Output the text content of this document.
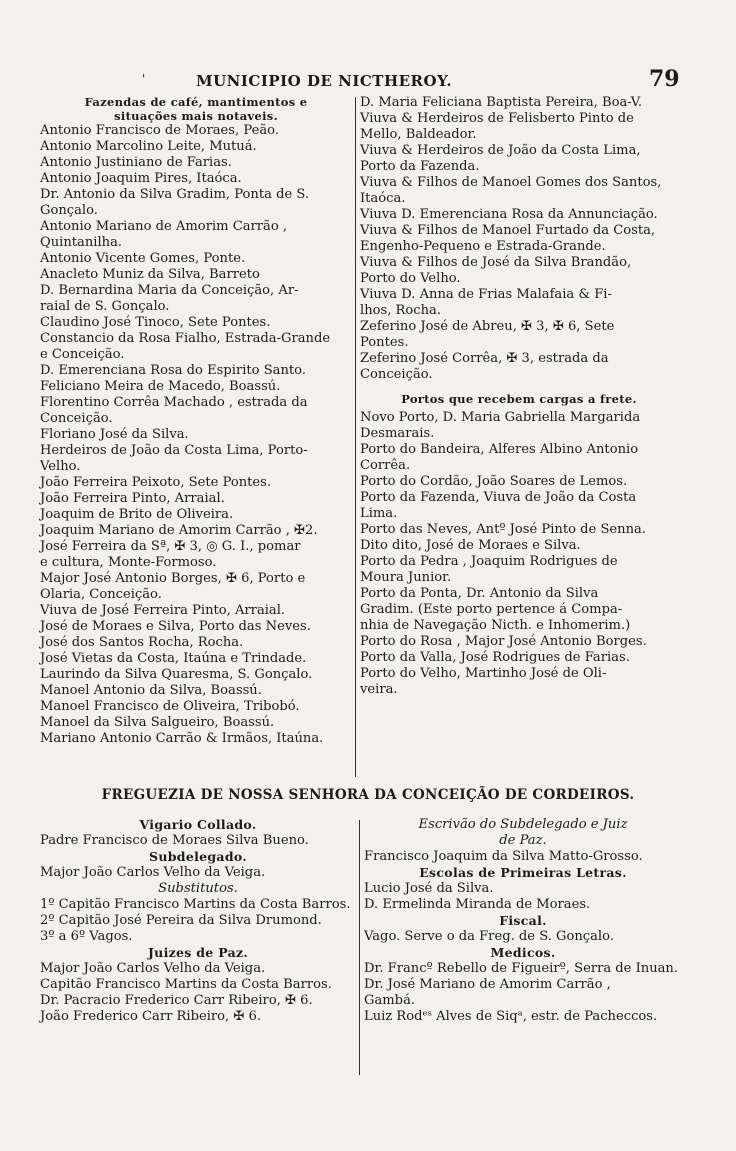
'	MUNICIPIO DE NICTHEROY.	79
Fazendas de café, mantimentos e
situações mais notaveis.
Antonio Francisco de Moraes, Peão.
Antonio Marcolino Leite, Mutuá.
Antonio Justiniano de Farias.
Antonio Joaquim Pires, Itaóca.
Dr. Antonio da Silva Gradim, Ponta de S.
Gonçalo.
Antonio Mariano de Amorim Carrão ,
Quintanilha.
Antonio Vicente Gomes, Ponte.
Anacleto Muniz da Silva, Barreto
D. Bernardina Maria da Conceição, Ar-
raial de S. Gonçalo.
Claudino José Tinoco, Sete Pontes.
Constancio da Rosa Fialho, Estrada-Grande
e Conceição.
D. Emerenciana Rosa do Espirito Santo.
Feliciano Meira de Macedo, Boassú.
Florentino Corrêa Machado , estrada da
Conceição.
Floriano José da Silva.
Herdeiros de João da Costa Lima, Porto-
Velho.
João Ferreira Peixoto, Sete Pontes.
João Ferreira Pinto, Arraial.
Joaquim de Brito de Oliveira.
Joaquim Mariano de Amorim Carrão , ✠2.
José Ferreira da Sª, ✠ 3, ◎ G. I., pomar
e cultura, Monte-Formoso.
Major José Antonio Borges, ✠ 6, Porto e
Olaria, Conceição.
Viuva de José Ferreira Pinto, Arraial.
José de Moraes e Silva, Porto das Neves.
José dos Santos Rocha, Rocha.
José Vietas da Costa, Itaúna e Trindade.
Laurindo da Silva Quaresma, S. Gonçalo.
Manoel Antonio da Silva, Boassú.
Manoel Francisco de Oliveira, Tribobó.
Manoel da Silva Salgueiro, Boassú.
Mariano Antonio Carrão & Irmãos, Itaúna.
D. Maria Feliciana Baptista Pereira, Boa-V.
Viuva & Herdeiros de Felisberto Pinto de
Mello, Baldeador.
Viuva & Herdeiros de João da Costa Lima,
Porto da Fazenda.
Viuva & Filhos de Manoel Gomes dos Santos,
Itaóca.
Viuva D. Emerenciana Rosa da Annunciação.
Viuva & Filhos de Manoel Furtado da Costa,
Engenho-Pequeno e Estrada-Grande.
Viuva & Filhos de José da Silva Brandão,
Porto do Velho.
Viuva D. Anna de Frias Malafaia & Fi-
lhos, Rocha.
Zeferino José de Abreu, ✠ 3, ✠ 6, Sete
Pontes.
Zeferino José Corrêa, ✠ 3, estrada da
Conceição.
Portos que recebem cargas a frete.
Novo Porto, D. Maria Gabriella Margarida
Desmarais.
Porto do Bandeira, Alferes Albino Antonio
Corrêa.
Porto do Cordão, João Soares de Lemos.
Porto da Fazenda, Viuva de João da Costa
Lima.
Porto das Neves, Antº José Pinto de Senna.
Dito dito, José de Moraes e Silva.
Porto da Pedra , Joaquim Rodrigues de
Moura Junior.
Porto da Ponta, Dr. Antonio da Silva
Gradim. (Este porto pertence á Compa-
nhia de Navegação Nicth. e Inhomerim.)
Porto do Rosa , Major José Antonio Borges.
Porto da Valla, José Rodrigues de Farias.
Porto do Velho, Martinho José de Oli-
veira.
FREGUEZIA DE NOSSA SENHORA DA CONCEIÇÃO DE CORDEIROS.
Vigario Collado.
Padre Francisco de Moraes Silva Bueno.
Subdelegado.
Major João Carlos Velho da Veiga.
Substitutos.
1º Capitão Francisco Martins da Costa Barros.
2º Capitão José Pereira da Silva Drumond.
3º a 6º Vagos.
Juizes de Paz.
Major João Carlos Velho da Veiga.
Capitão Francisco Martins da Costa Barros.
Dr. Pacracio Frederico Carr Ribeiro, ✠ 6.
João Frederico Carr Ribeiro, ✠ 6.
Escrivão do Subdelegado e Juiz
de Paz.
Francisco Joaquim da Silva Matto-Grosso.
Escolas de Primeiras Letras.
Lucio José da Silva.
D. Ermelinda Miranda de Moraes.
Fiscal.
Vago. Serve o da Freg. de S. Gonçalo.
Medicos.
Dr. Francº Rebello de Figueirº, Serra de Inuan.
Dr. José Mariano de Amorim Carrão ,
Gambá.
Luiz Rodᵉˢ Alves de Siqᵃ, estr. de Pacheccos.
